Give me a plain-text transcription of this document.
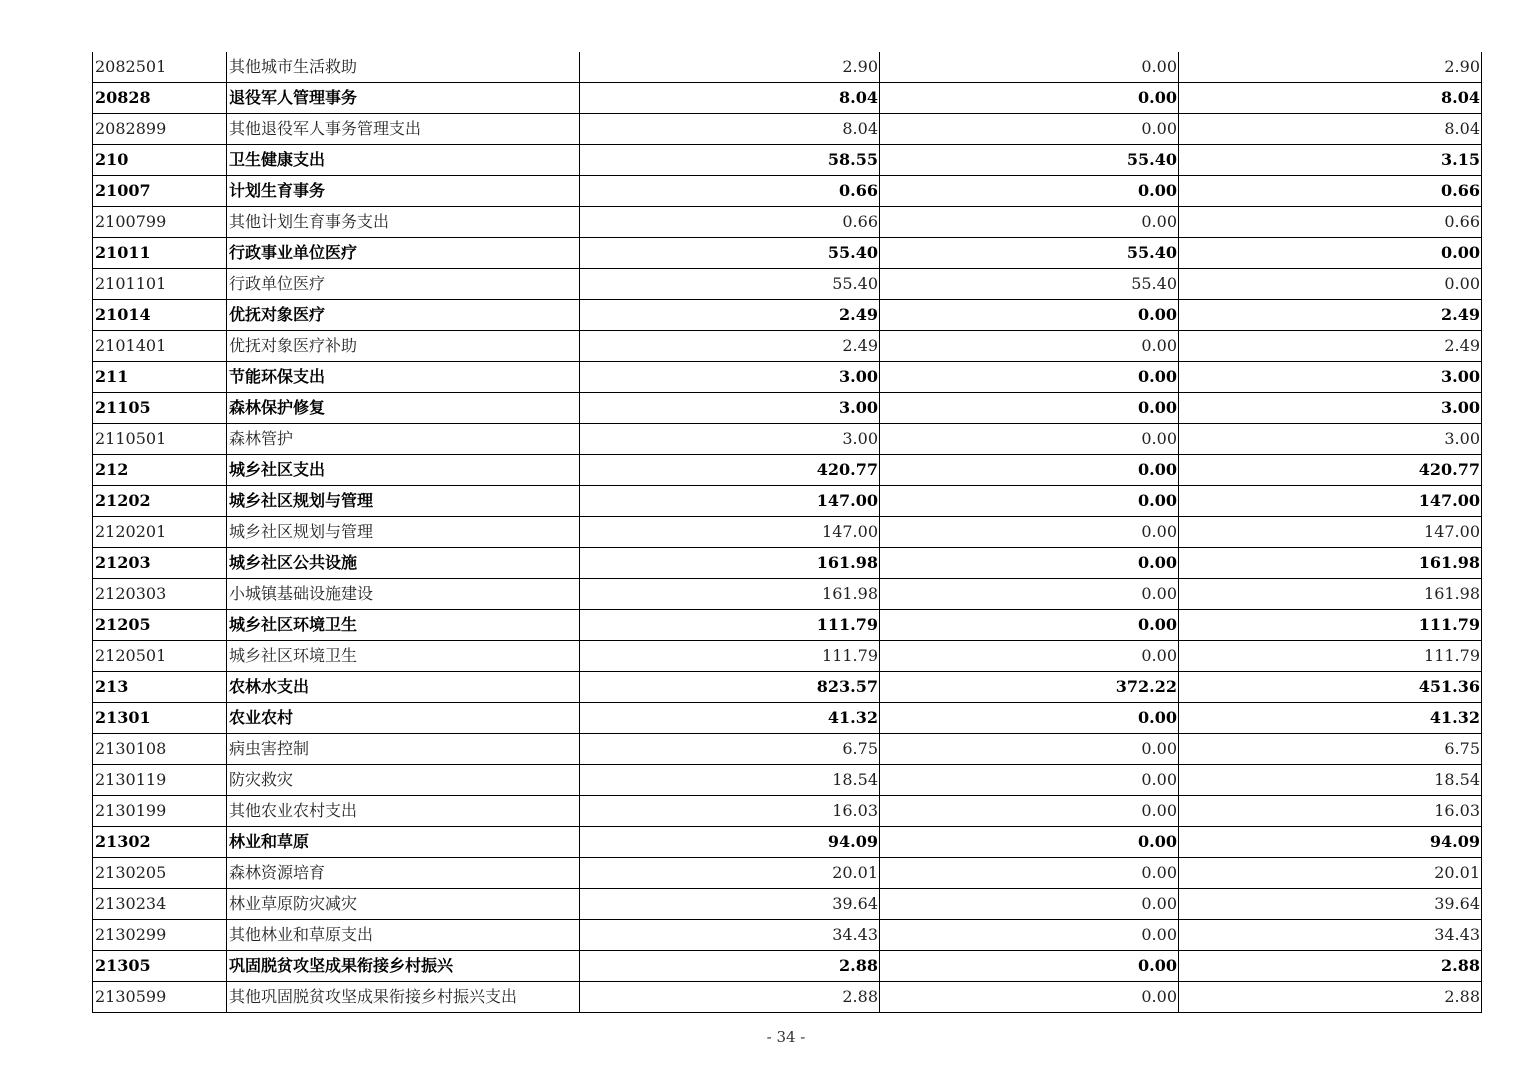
2082501	其他城市生活救助	2.90	0.00	2.90
20828	退役军人管理事务	8.04	0.00	8.04
2082899	其他退役军人事务管理支出	8.04	0.00	8.04
210	卫生健康支出	58.55	55.40	3.15
21007	计划生育事务	0.66	0.00	0.66
2100799	其他计划生育事务支出	0.66	0.00	0.66
21011	行政事业单位医疗	55.40	55.40	0.00
2101101	行政单位医疗	55.40	55.40	0.00
21014	优抚对象医疗	2.49	0.00	2.49
2101401	优抚对象医疗补助	2.49	0.00	2.49
211	节能环保支出	3.00	0.00	3.00
21105	森林保护修复	3.00	0.00	3.00
2110501	森林管护	3.00	0.00	3.00
212	城乡社区支出	420.77	0.00	420.77
21202	城乡社区规划与管理	147.00	0.00	147.00
2120201	城乡社区规划与管理	147.00	0.00	147.00
21203	城乡社区公共设施	161.98	0.00	161.98
2120303	小城镇基础设施建设	161.98	0.00	161.98
21205	城乡社区环境卫生	111.79	0.00	111.79
2120501	城乡社区环境卫生	111.79	0.00	111.79
213	农林水支出	823.57	372.22	451.36
21301	农业农村	41.32	0.00	41.32
2130108	病虫害控制	6.75	0.00	6.75
2130119	防灾救灾	18.54	0.00	18.54
2130199	其他农业农村支出	16.03	0.00	16.03
21302	林业和草原	94.09	0.00	94.09
2130205	森林资源培育	20.01	0.00	20.01
2130234	林业草原防灾减灾	39.64	0.00	39.64
2130299	其他林业和草原支出	34.43	0.00	34.43
21305	巩固脱贫攻坚成果衔接乡村振兴	2.88	0.00	2.88
2130599	其他巩固脱贫攻坚成果衔接乡村振兴支出	2.88	0.00	2.88
- 34 -
